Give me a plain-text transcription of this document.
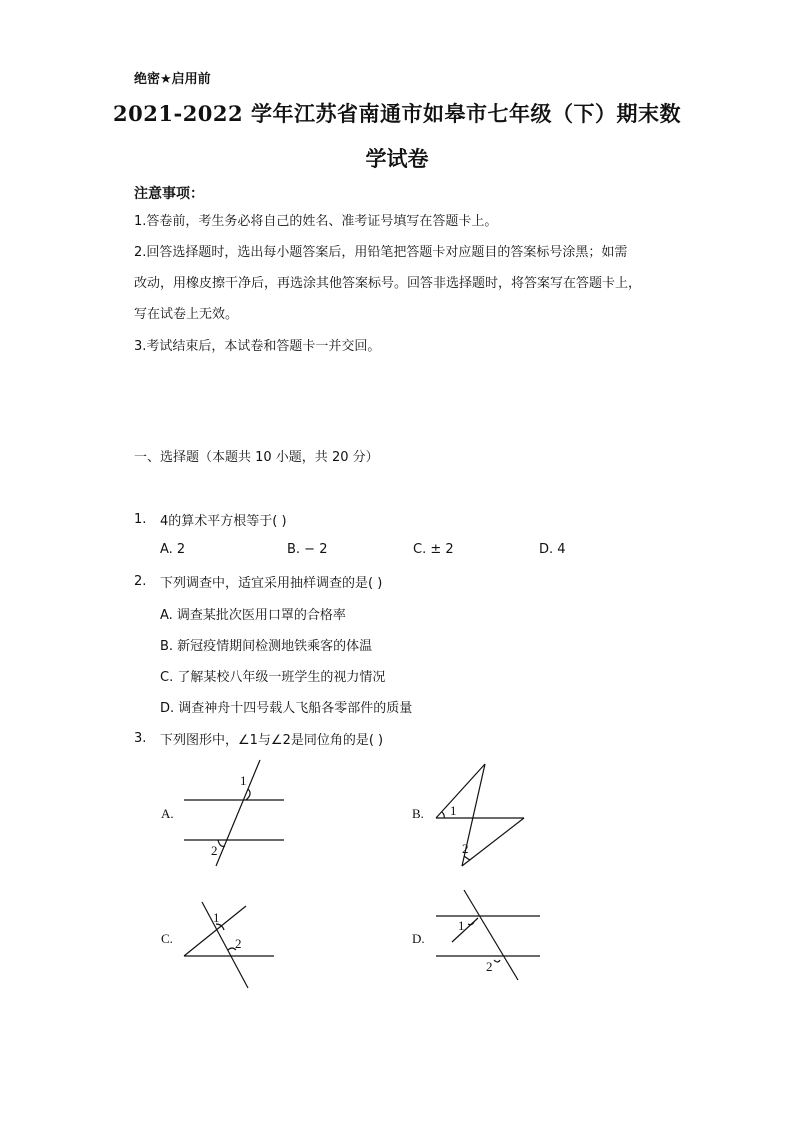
绝密★启用前
2021-2022 学年江苏省南通市如皋市七年级（下）期末数
学试卷
注意事项：
1.答卷前，考生务必将自己的姓名、准考证号填写在答题卡上。
2.回答选择题时，选出每小题答案后，用铅笔把答题卡对应题目的答案标号涂黑；如需
改动，用橡皮擦干净后，再选涂其他答案标号。回答非选择题时，将答案写在答题卡上，
写在试卷上无效。
3.考试结束后，本试卷和答题卡一并交回。
一、选择题（本题共 10 小题，共 20 分）
1. 4的算术平方根等于( )
A. 2	B. − 2	C. ± 2	D. 4
2. 下列调查中，适宜采用抽样调查的是( )
A. 调查某批次医用口罩的合格率
B. 新冠疫情期间检测地铁乘客的体温
C. 了解某校八年级一班学生的视力情况
D. 调查神舟十四号载人飞船各零部件的质量
3. 下列图形中，∠1与∠2是同位角的是( )
A.	B.
C.	D.
1
2
1
2
1
2
1
2
